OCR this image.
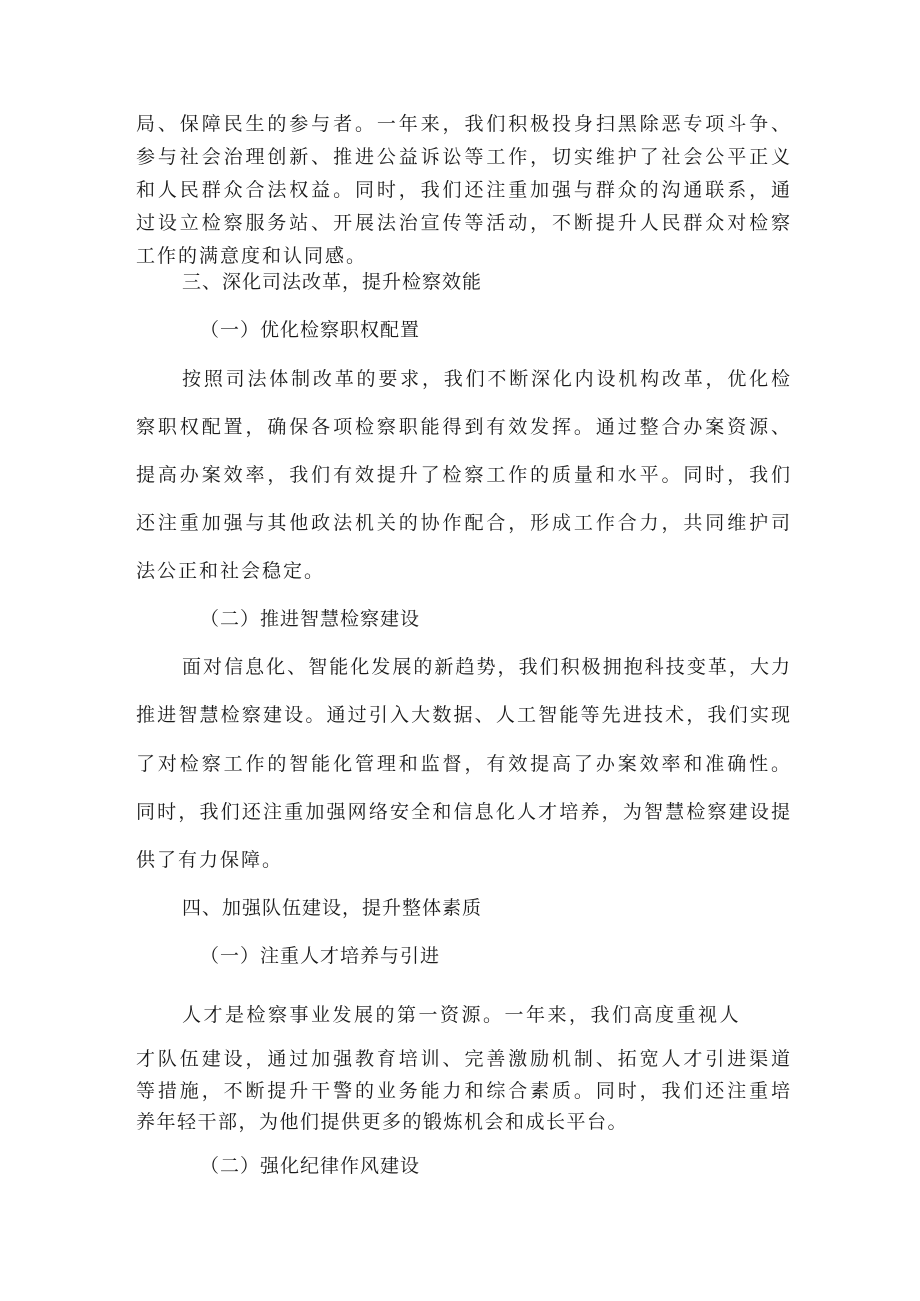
局、保障民生的参与者。一年来，我们积极投身扫黑除恶专项斗争、
参与社会治理创新、推进公益诉讼等工作，切实维护了社会公平正义
和人民群众合法权益。同时，我们还注重加强与群众的沟通联系，通
过设立检察服务站、开展法治宣传等活动，不断提升人民群众对检察
工作的满意度和认同感。
三、深化司法改革，提升检察效能
（一）优化检察职权配置
按照司法体制改革的要求，我们不断深化内设机构改革，优化检
察职权配置，确保各项检察职能得到有效发挥。通过整合办案资源、
提高办案效率，我们有效提升了检察工作的质量和水平。同时，我们
还注重加强与其他政法机关的协作配合，形成工作合力，共同维护司
法公正和社会稳定。
（二）推进智慧检察建设
面对信息化、智能化发展的新趋势，我们积极拥抱科技变革，大力
推进智慧检察建设。通过引入大数据、人工智能等先进技术，我们实现
了对检察工作的智能化管理和监督，有效提高了办案效率和准确性。
同时，我们还注重加强网络安全和信息化人才培养，为智慧检察建设提
供了有力保障。
四、加强队伍建设，提升整体素质
（一）注重人才培养与引进
人才是检察事业发展的第一资源。一年来，我们高度重视人
才队伍建设，通过加强教育培训、完善激励机制、拓宽人才引进渠道
等措施，不断提升干警的业务能力和综合素质。同时，我们还注重培
养年轻干部，为他们提供更多的锻炼机会和成长平台。
（二）强化纪律作风建设
